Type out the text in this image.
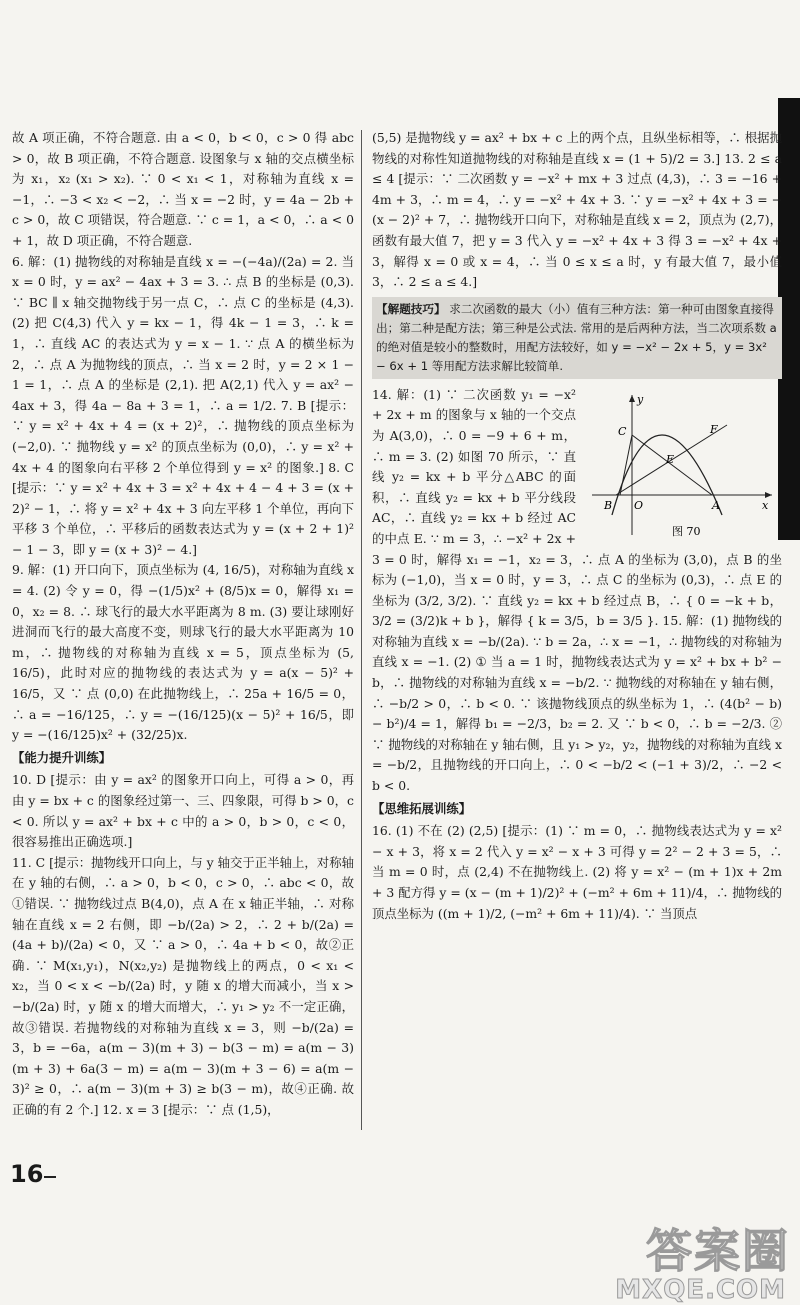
故 A 项正确，不符合题意. 由 a < 0，b < 0，c > 0 得 abc > 0，故 B 项正确，不符合题意. 设图象与 x 轴的交点横坐标为 x₁，x₂ (x₁ > x₂). ∵ 0 < x₁ < 1，对称轴为直线 x = −1，∴ −3 < x₂ < −2，∴ 当 x = −2 时，y = 4a − 2b + c > 0，故 C 项错误，符合题意. ∵ c = 1，a < 0，∴ a < 0 + 1，故 D 项正确，不符合题意.

6. 解：(1) 抛物线的对称轴是直线 x = −(−4a)/(2a) = 2. 当 x = 0 时，y = ax² − 4ax + 3 = 3. ∴ 点 B 的坐标是 (0,3). ∵ BC ∥ x 轴交抛物线于另一点 C，∴ 点 C 的坐标是 (4,3). (2) 把 C(4,3) 代入 y = kx − 1，得 4k − 1 = 3，∴ k = 1，∴ 直线 AC 的表达式为 y = x − 1. ∵ 点 A 的横坐标为 2，∴ 点 A 为抛物线的顶点，∴ 当 x = 2 时，y = 2 × 1 − 1 = 1，∴ 点 A 的坐标是 (2,1). 把 A(2,1) 代入 y = ax² − 4ax + 3，得 4a − 8a + 3 = 1，∴ a = 1/2. 7. B [提示：∵ y = x² + 4x + 4 = (x + 2)²，∴ 抛物线的顶点坐标为 (−2,0). ∵ 抛物线 y = x² 的顶点坐标为 (0,0)，∴ y = x² + 4x + 4 的图象向右平移 2 个单位得到 y = x² 的图象.] 8. C [提示：∵ y = x² + 4x + 3 = x² + 4x + 4 − 4 + 3 = (x + 2)² − 1，∴ 将 y = x² + 4x + 3 向左平移 1 个单位，再向下平移 3 个单位，∴ 平移后的函数表达式为 y = (x + 2 + 1)² − 1 − 3，即 y = (x + 3)² − 4.]

9. 解：(1) 开口向下，顶点坐标为 (4, 16/5)，对称轴为直线 x = 4. (2) 令 y = 0，得 −(1/5)x² + (8/5)x = 0，解得 x₁ = 0，x₂ = 8. ∴ 球飞行的最大水平距离为 8 m. (3) 要让球刚好进洞而飞行的最大高度不变，则球飞行的最大水平距离为 10 m，∴ 抛物线的对称轴为直线 x = 5，顶点坐标为 (5, 16/5)，此时对应的抛物线的表达式为 y = a(x − 5)² + 16/5，又 ∵ 点 (0,0) 在此抛物线上，∴ 25a + 16/5 = 0，∴ a = −16/125，∴ y = −(16/125)(x − 5)² + 16/5，即 y = −(16/125)x² + (32/25)x.

【能力提升训练】

10. D [提示：由 y = ax² 的图象开口向上，可得 a > 0，再由 y = bx + c 的图象经过第一、三、四象限，可得 b > 0，c < 0. 所以 y = ax² + bx + c 中的 a > 0，b > 0，c < 0，很容易推出正确选项.]

11. C [提示：抛物线开口向上，与 y 轴交于正半轴上，对称轴在 y 轴的右侧，∴ a > 0，b < 0，c > 0，∴ abc < 0，故①错误. ∵ 抛物线过点 B(4,0)，点 A 在 x 轴正半轴，∴ 对称轴在直线 x = 2 右侧，即 −b/(2a) > 2，∴ 2 + b/(2a) = (4a + b)/(2a) < 0，又 ∵ a > 0，∴ 4a + b < 0，故②正确. ∵ M(x₁,y₁)，N(x₂,y₂) 是抛物线上的两点，0 < x₁ < x₂，当 0 < x < −b/(2a) 时，y 随 x 的增大而减小，当 x > −b/(2a) 时，y 随 x 的增大而增大，∴ y₁ > y₂ 不一定正确，故③错误. 若抛物线的对称轴为直线 x = 3，则 −b/(2a) = 3，b = −6a，a(m − 3)(m + 3) − b(3 − m) = a(m − 3)(m + 3) + 6a(3 − m) = a(m − 3)(m + 3 − 6) = a(m − 3)² ≥ 0，∴ a(m − 3)(m + 3) ≥ b(3 − m)，故④正确. 故正确的有 2 个.] 12. x = 3 [提示：∵ 点 (1,5)，

(5,5) 是抛物线 y = ax² + bx + c 上的两个点，且纵坐标相等，∴ 根据抛物线的对称性知道抛物线的对称轴是直线 x = (1 + 5)/2 = 3.] 13. 2 ≤ a ≤ 4 [提示：∵ 二次函数 y = −x² + mx + 3 过点 (4,3)，∴ 3 = −16 + 4m + 3，∴ m = 4，∴ y = −x² + 4x + 3. ∵ y = −x² + 4x + 3 = −(x − 2)² + 7，∴ 抛物线开口向下，对称轴是直线 x = 2，顶点为 (2,7)，函数有最大值 7，把 y = 3 代入 y = −x² + 4x + 3 得 3 = −x² + 4x + 3，解得 x = 0 或 x = 4，∴ 当 0 ≤ x ≤ a 时，y 有最大值 7，最小值 3，∴ 2 ≤ a ≤ 4.]

【解题技巧】 求二次函数的最大（小）值有三种方法：第一种可由图象直接得出；第二种是配方法；第三种是公式法. 常用的是后两种方法，当二次项系数 a 的绝对值是较小的整数时，用配方法较好，如 y = −x² − 2x + 5，y = 3x² − 6x + 1 等用配方法求解比较简单.
y
x
C	F
E
B O	A
图 70

14. 解：(1) ∵ 二次函数 y₁ = −x² + 2x + m 的图象与 x 轴的一个交点为 A(3,0)，∴ 0 = −9 + 6 + m，∴ m = 3. (2) 如图 70 所示，∵ 直线 y₂ = kx + b 平分△ABC 的面积，∴ 直线 y₂ = kx + b 平分线段 AC，∴ 直线 y₂ = kx + b 经过 AC 的中点 E. ∵ m = 3，∴ −x² + 2x + 3 = 0 时，解得 x₁ = −1，x₂ = 3，∴ 点 A 的坐标为 (3,0)，点 B 的坐标为 (−1,0)，当 x = 0 时，y = 3，∴ 点 C 的坐标为 (0,3)，∴ 点 E 的坐标为 (3/2, 3/2). ∵ 直线 y₂ = kx + b 经过点 B，∴ { 0 = −k + b，3/2 = (3/2)k + b }，解得 { k = 3/5，b = 3/5 }. 15. 解：(1) 抛物线的对称轴为直线 x = −b/(2a). ∵ b = 2a，∴ x = −1，∴ 抛物线的对称轴为直线 x = −1. (2) ① 当 a = 1 时，抛物线表达式为 y = x² + bx + b² − b，∴ 抛物线的对称轴为直线 x = −b/2. ∵ 抛物线的对称轴在 y 轴右侧，∴ −b/2 > 0，∴ b < 0. ∵ 该抛物线顶点的纵坐标为 1，∴ (4(b² − b) − b²)/4 = 1，解得 b₁ = −2/3，b₂ = 2. 又 ∵ b < 0，∴ b = −2/3. ② ∵ 抛物线的对称轴在 y 轴右侧，且 y₁ > y₂，y₂，抛物线的对称轴为直线 x = −b/2，且抛物线的开口向上，∴ 0 < −b/2 < (−1 + 3)/2，∴ −2 < b < 0.

【思维拓展训练】

16. (1) 不在 (2) (2,5) [提示：(1) ∵ m = 0，∴ 抛物线表达式为 y = x² − x + 3，将 x = 2 代入 y = x² − x + 3 可得 y = 2² − 2 + 3 = 5，∴ 当 m = 0 时，点 (2,4) 不在抛物线上. (2) 将 y = x² − (m + 1)x + 2m + 3 配方得 y = (x − (m + 1)/2)² + (−m² + 6m + 11)/4，∴ 抛物线的顶点坐标为 ((m + 1)/2, (−m² + 6m + 11)/4). ∵ 当顶点

16
答案圈
MXQE.COM
